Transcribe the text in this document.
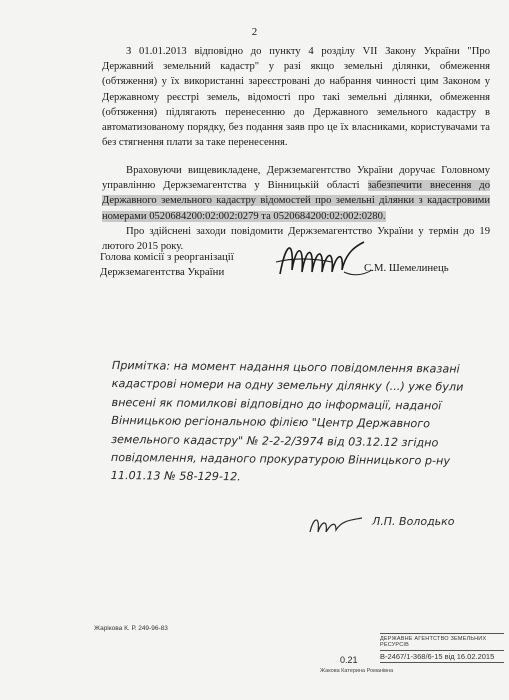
2

З 01.01.2013 відповідно до пункту 4 розділу VII Закону України "Про Державний земельний кадастр" у разі якщо земельні ділянки, обмеження (обтяження) у їх використанні зареєстровані до набрання чинності цим Законом у Державному реєстрі земель, відомості про такі земельні ділянки, обмеження (обтяження) підлягають перенесенню до Державного земельного кадастру в автоматизованому порядку, без подання заяв про це їх власниками, користувачами та без стягнення плати за таке перенесення.

Враховуючи вищевикладене, Держземагентство України доручає Головному управлінню Держземагентства у Вінницькій області забезпечити внесення до Державного земельного кадастру відомостей про земельні ділянки з кадастровими номерами 0520684200:02:002:0279 та 0520684200:02:002:0280.

Про здійснені заходи повідомити Держземагентство України у термін до 19 лютого 2015 року.

Голова комісії з реорганізації
Держземагентства України	С.М. Шемелинець
Примітка: на момент надання цього повідомлення вказані кадастрові номери на одну земельну ділянку (...) уже були внесені як помилкові відповідно до інформації, наданої Вінницькою регіональною філією "Центр Державного земельного кадастру" № 2-2-2/3974 від 03.12.12 згідно повідомлення, наданого прокуратурою Вінницького р-ну 11.01.13 № 58-129-12.
Л.П. Володько
Жарікова К. Р. 249-96-83
ДЕРЖАВНЕ АГЕНТСТВО ЗЕМЕЛЬНИХ РЕСУРСІВ
В-2467/1-368/6-15 від 16.02.2015
0.21
Жакова Катерина Романівна
